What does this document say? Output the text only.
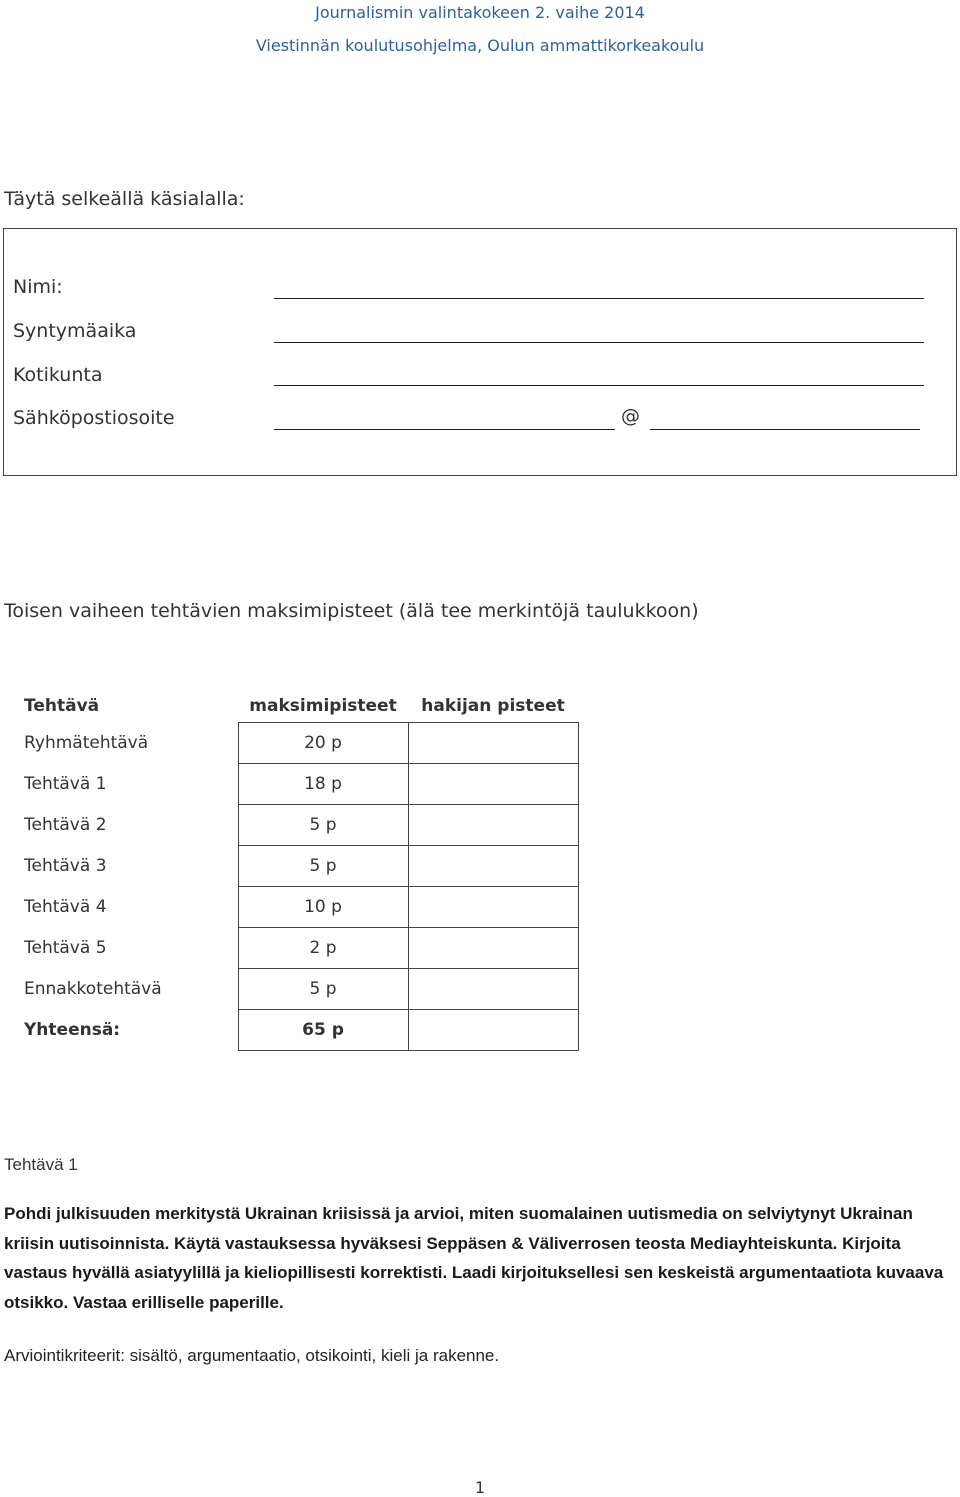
Journalismin valintakokeen 2. vaihe 2014
Viestinnän koulutusohjelma, Oulun ammattikorkeakoulu
Täytä selkeällä käsialalla:
Nimi:
Syntymäaika
Kotikunta
Sähköpostiosoite	@
Toisen vaiheen tehtävien maksimipisteet (älä tee merkintöjä taulukkoon)
Tehtävä	maksimipisteet	hakijan pisteet
Ryhmätehtävä	20 p	
Tehtävä 1	18 p	
Tehtävä 2	5 p	
Tehtävä 3	5 p	
Tehtävä 4	10 p	
Tehtävä 5	2 p	
Ennakkotehtävä	5 p	
Yhteensä:	65 p	
Tehtävä 1
Pohdi julkisuuden merkitystä Ukrainan kriisissä ja arvioi, miten suomalainen uutismedia on selviytynyt Ukrainan kriisin uutisoinnista. Käytä vastauksessa hyväksesi Seppäsen & Väliverrosen teosta Mediayhteiskunta. Kirjoita vastaus hyvällä asiatyylillä ja kieliopillisesti korrektisti. Laadi kirjoituksellesi sen keskeistä argumentaatiota kuvaava otsikko. Vastaa erilliselle paperille.
Arviointikriteerit: sisältö, argumentaatio, otsikointi, kieli ja rakenne.
1
